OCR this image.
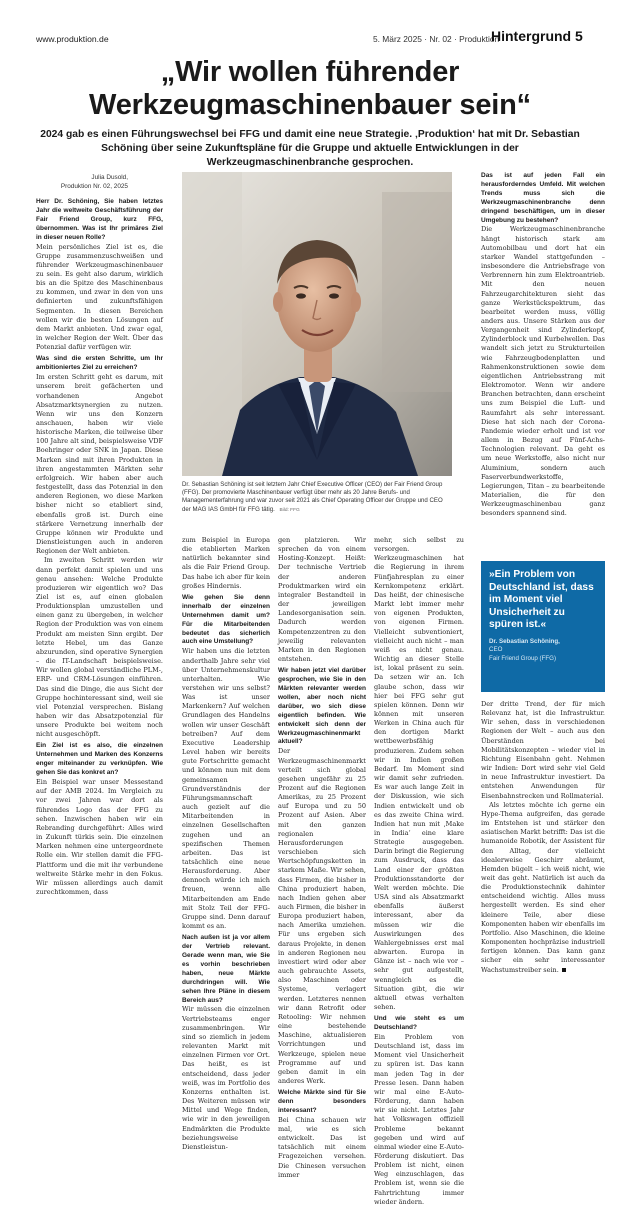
www.produktion.de	5. März 2025 · Nr. 02 · Produktion
Hintergrund 5
„Wir wollen führender Werkzeugmaschinenbauer sein“
2024 gab es einen Führungswechsel bei FFG und damit eine neue Strategie. ‚Produktion‘ hat mit Dr. Sebastian Schöning über seine Zukunftspläne für die Gruppe und aktuelle Entwicklungen in der Werkzeugmaschinenbranche gesprochen.
Julia Dusold,
Produktion Nr. 02, 2025
Dr. Sebastian Schöning ist seit letztem Jahr Chief Executive Officer (CEO) der Fair Friend Group (FFG). Der promovierte Maschinenbauer verfügt über mehr als 20 Jahre Berufs- und Managementerfahrung und war zuvor seit 2021 als Chief Operating Officer der Gruppe und CEO der MAG IAS GmbH für FFG tätig. Bild: FFG

Herr Dr. Schöning, Sie haben letztes Jahr die weltweite Geschäftsführung der Fair Friend Group, kurz FFG, übernommen. Was ist Ihr primäres Ziel in dieser neuen Rolle?

Mein persönliches Ziel ist es, die Gruppe zusammenzuschweißen und führender Werkzeugmaschinenbauer zu sein. Es geht also darum, wirklich bis an die Spitze des Maschinenbaus zu kommen, und zwar in den von uns definierten und zukunftsfähigen Segmenten. In diesen Bereichen wollen wir die besten Lösungen auf dem Markt anbieten. Und zwar egal, in welcher Region der Welt. Über das Potenzial dafür verfügen wir.

Was sind die ersten Schritte, um Ihr ambitioniertes Ziel zu erreichen?

Im ersten Schritt geht es darum, mit unserem breit gefächerten und vorhandenen Angebot Absatzmarktsynergien zu nutzen. Wenn wir uns den Konzern anschauen, haben wir viele historische Marken, die teilweise über 100 Jahre alt sind, beispielsweise VDF Boehringer oder SNK in Japan. Diese Marken sind mit ihren Produkten in ihren angestammten Märkten sehr erfolgreich. Wir haben aber auch festgestellt, dass das Potenzial in den anderen Regionen, wo diese Marken bisher nicht so etabliert sind, ebenfalls groß ist. Durch eine stärkere Vernetzung innerhalb der Gruppe können wir Produkte und Dienstleistungen auch in anderen Regionen der Welt anbieten.

Im zweiten Schritt werden wir dann perfekt damit spielen und uns genau ansehen: Welche Produkte produzieren wir eigentlich wo? Das Ziel ist es, auf einen globalen Produktionsplan umzustellen und einen ganz zu übergeben, in welcher Region der Produktion was von einem Produkt am meisten Sinn ergibt. Der letzte Hebel, um das Ganze abzurunden, sind operative Synergien – die IT-Landschaft beispielsweise. Wir wollen global verständliche PLM-, ERP- und CRM-Lösungen einführen. Das sind die Dinge, die aus Sicht der Gruppe hochinteressant sind, weil sie viel Potenzial versprechen. Bislang haben wir das Absatzpotenzial für unsere Produkte bei weitem noch nicht ausgeschöpft.

Ein Ziel ist es also, die einzelnen Unternehmen und Marken des Konzerns enger miteinander zu verknüpfen. Wie gehen Sie das konkret an?

Ein Beispiel war unser Messestand auf der AMB 2024. Im Vergleich zu vor zwei Jahren war dort als führendes Logo das der FFG zu sehen. Inzwischen haben wir ein Rebranding durchgeführt: Alles wird in Zukunft türkis sein. Die einzelnen Marken nehmen eine untergeordnete Rolle ein. Wir stellen damit die FFG-Plattform und die mit ihr verbundene weltweite Stärke mehr in den Fokus. Wir müssen allerdings auch damit zurechtkommen, dass

zum Beispiel in Europa die etablierten Marken natürlich bekannter sind als die Fair Friend Group. Das habe ich aber für kein großes Hindernis.

Wie gehen Sie denn innerhalb der einzelnen Unternehmen damit um? Für die Mitarbeitenden bedeutet das sicherlich auch eine Umstellung?

Wir haben uns die letzten anderthalb Jahre sehr viel über Unternehmenskultur unterhalten. Wie verstehen wir uns selbst? Was ist unser Markenkern? Auf welchen Grundlagen des Handelns wollen wir unser Geschäft betreiben? Auf dem Executive Leadership Level haben wir bereits gute Fortschritte gemacht und können nun mit dem gemeinsamen Grundverständnis der Führungsmannschaft auch gezielt auf die Mitarbeitenden in einzelnen Gesellschaften zugehen und an spezifischen Themen arbeiten. Das ist tatsächlich eine neue Herausforderung. Aber dennoch würde ich mich freuen, wenn alle Mitarbeitenden am Ende mit Stolz Teil der FFG-Gruppe sind. Denn darauf kommt es an.

Nach außen ist ja vor allem der Vertrieb relevant. Gerade wenn man, wie Sie es vorhin beschrieben haben, neue Märkte durchdringen will. Wie sehen Ihre Pläne in diesem Bereich aus?

Wir müssen die einzelnen Vertriebsteams enger zusammenbringen. Wir sind so ziemlich in jedem relevanten Markt mit einzelnen Firmen vor Ort. Das heißt, es ist entscheidend, dass jeder weiß, was im Portfolio des Konzerns enthalten ist. Des Weiteren müssen wir Mittel und Wege finden, wie wir in den jeweiligen Endmärkten die Produkte beziehungsweise Dienstleistun-

gen platzieren. Wir sprechen da von einem Hosting-Konzept. Heißt: Der technische Vertrieb der anderen Produktmarken wird ein integraler Bestandteil in der jeweiligen Landesorganisation sein. Dadurch werden Kompetenzzentren zu den jeweilig relevanten Marken in den Regionen entstehen.

Wir haben jetzt viel darüber gesprochen, wie Sie in den Märkten relevanter werden wollen, aber noch nicht darüber, wo sich diese eigentlich befinden. Wie entwickelt sich denn der Werkzeugmaschinenmarkt aktuell?

Der Werkzeugmaschinenmarkt verteilt sich global gesehen ungefähr zu 25 Prozent auf die Regionen Amerikas, zu 25 Prozent auf Europa und zu 50 Prozent auf Asien. Aber mit den ganzen regionalen Herausforderungen verschieben sich Wertschöpfungsketten in starkem Maße. Wir sehen, dass Firmen, die bisher in China produziert haben, nach Indien gehen aber auch Firmen, die bisher in Europa produziert haben, nach Amerika umziehen. Für uns ergeben sich daraus Projekte, in denen in anderen Regionen neu investiert wird oder aber auch gebrauchte Assets, also Maschinen oder Systeme, verlagert werden. Letzteres nennen wir dann Retrofit oder Retooling: Wir nehmen eine bestehende Maschine, aktualisieren Vorrichtungen und Werkzeuge, spielen neue Programme auf und geben damit in ein anderes Werk.

Welche Märkte sind für Sie denn besonders interessant?

Bei China schauen wir mal, wie es sich entwickelt. Das ist tatsächlich mit einem Fragezeichen versehen. Die Chinesen versuchen immer

mehr, sich selbst zu versorgen. Werkzeugmaschinen hat die Regierung in ihrem Fünfjahresplan zu einer Kernkompetenz erklärt. Das heißt, der chinesische Markt lebt immer mehr von eigenen Produkten, von eigenen Firmen. Vielleicht subventioniert, vielleicht auch nicht – man weiß es nicht genau. Wichtig an dieser Stelle ist, lokal präsent zu sein. Da setzen wir an. Ich glaube schon, dass wir hier bei FFG sehr gut spielen können. Denn wir können mit unseren Werken in China auch für den dortigen Markt wettbewerbsfähig produzieren. Zudem sehen wir in Indien großen Bedarf. Im Moment sind wir damit sehr zufrieden. Es war auch lange Zeit in der Diskussion, wie sich Indien entwickelt und ob es das zweite China wird. Indien hat nun mit ‚Make in India‘ eine klare Strategie ausgegeben. Darin bringt die Regierung zum Ausdruck, dass das Land einer der größten Produktionsstandorte der Welt werden möchte. Die USA sind als Absatzmarkt ebenfalls äußerst interessant, aber da müssen wir die Auswirkungen des Wahlergebnisses erst mal abwarten. Europa in Gänze ist – nach wie vor – sehr gut aufgestellt, wenngleich es die Situation gibt, die wir aktuell etwas verhalten sehen.

Und wie steht es um Deutschland?

Ein Problem von Deutschland ist, dass im Moment viel Unsicherheit zu spüren ist. Das kann man jeden Tag in der Presse lesen. Dann haben wir mal eine E-Auto-Förderung, dann haben wir sie nicht. Letztes Jahr hat Volkswagen offiziell Probleme bekannt gegeben und wird auf einmal wieder eine E-Auto-Förderung diskutiert. Das Problem ist nicht, einen Weg einzuschlagen, das Problem ist, wenn sie die Fahrtrichtung immer wieder ändern.

Das ist auf jeden Fall ein herausforderndes Umfeld. Mit welchen Trends muss sich die Werkzeugmaschinenbranche denn dringend beschäftigen, um in dieser Umgebung zu bestehen?

Die Werkzeugmaschinenbranche hängt historisch stark am Automobilbau und dort hat ein starker Wandel stattgefunden – insbesondere die Antriebsfrage von Verbrennern hin zum Elektroantrieb. Mit den neuen Fahrzeugarchitekturen sieht das ganze Werkstückspektrum, das bearbeitet werden muss, völlig anders aus. Unsere Stärken aus der Vergangenheit sind Zylinderkopf, Zylinderblock und Kurbelwellen. Das wandelt sich jetzt zu Strukturteilen wie Fahrzeugbodenplatten und Rahmenkonstruktionen sowie dem eigentlichen Antriebsstrang mit Elektromotor. Wenn wir andere Branchen betrachten, dann erscheint uns zum Beispiel die Luft- und Raumfahrt als sehr interessant. Diese hat sich nach der Corona-Pandemie wieder erholt und ist vor allem in Bezug auf Fünf-Achs-Technologien relevant. Da geht es um neue Werkstoffe, also nicht nur Aluminium, sondern auch Faserverbundwerkstoffe, Legierungen, Titan – zu bearbeitende Materialien, die für den Werkzeugmaschinenbau ganz besonders spannend sind.

»Ein Problem von Deutschland ist, dass im Moment viel Unsicherheit zu spüren ist.«
Dr. Sebastian Schöning,
CEO
Fair Friend Group (FFG)

Der dritte Trend, der für mich Relevanz hat, ist die Infrastruktur. Wir sehen, dass in verschiedenen Regionen der Welt – auch aus den Überständen bei Mobilitätskonzepten – wieder viel in Richtung Eisenbahn geht. Nehmen wir Indien: Dort wird sehr viel Geld in neue Infrastruktur investiert. Da entstehen Anwendungen für Eisenbahnstrecken und Rollmaterial.

Als letztes möchte ich gerne ein Hype-Thema aufgreifen, das gerade im Entstehen ist und stärker den asiatischen Markt betrifft: Das ist die humanoide Robotik, der Assistent für den Alltag, der vielleicht idealerweise Geschirr abräumt, Hemden bügelt – ich weiß nicht, wie weit das geht. Natürlich ist auch da die Produktionstechnik dahinter entscheidend wichtig. Alles muss hergestellt werden. Es sind eher kleinere Teile, aber diese Komponenten haben wir ebenfalls im Portfolio. Also Maschinen, die kleine Komponenten hochpräzise industriell fertigen können. Das kann ganz sicher ein sehr interessanter Wachstumstreiber sein.
